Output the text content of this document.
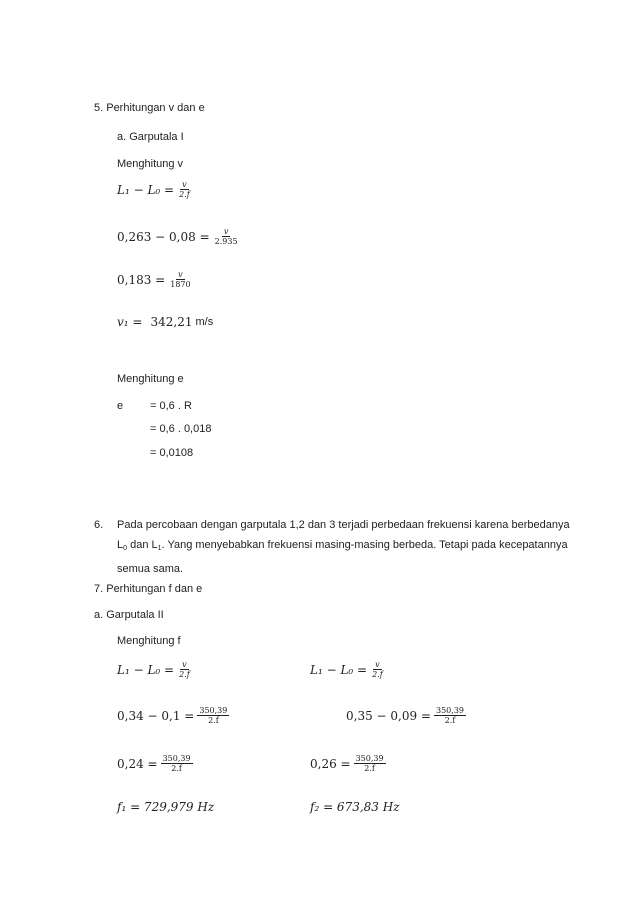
5. Perhitungan v dan e
a. Garputala I
Menghitung v
$L_1 - L_0 = \frac{v}{2.f}$
$0,263 - 0,08 = \frac{v}{2.935}$
$0,183 = \frac{v}{1870}$
v₁ = 342,21 m/s
Menghitung e
e = 0,6 . R
= 0,6 . 0,018
= 0,0108
6. Pada percobaan dengan garputala 1,2 dan 3 terjadi perbedaan frekuensi karena berbedanya
$L_0$ dan $L_1$. Yang menyebabkan frekuensi masing-masing berbeda. Tetapi pada kecepatannya
semua sama.
7. Perhitungan f dan e
a. Garputala II
Menghitung f
$L_1 - L_0 = \frac{v}{2.f}$
$0,34 - 0,1 = \frac{350,39}{2.f}$
$0,24 = \frac{350,39}{2.f}$
f₁ = 729,979 Hz
$L_1 - L_0 = \frac{v}{2.f}$
$0,35 - 0,09 = \frac{350,39}{2.f}$
$0,26 = \frac{350,39}{2.f}$
f₂ = 673,83 Hz
